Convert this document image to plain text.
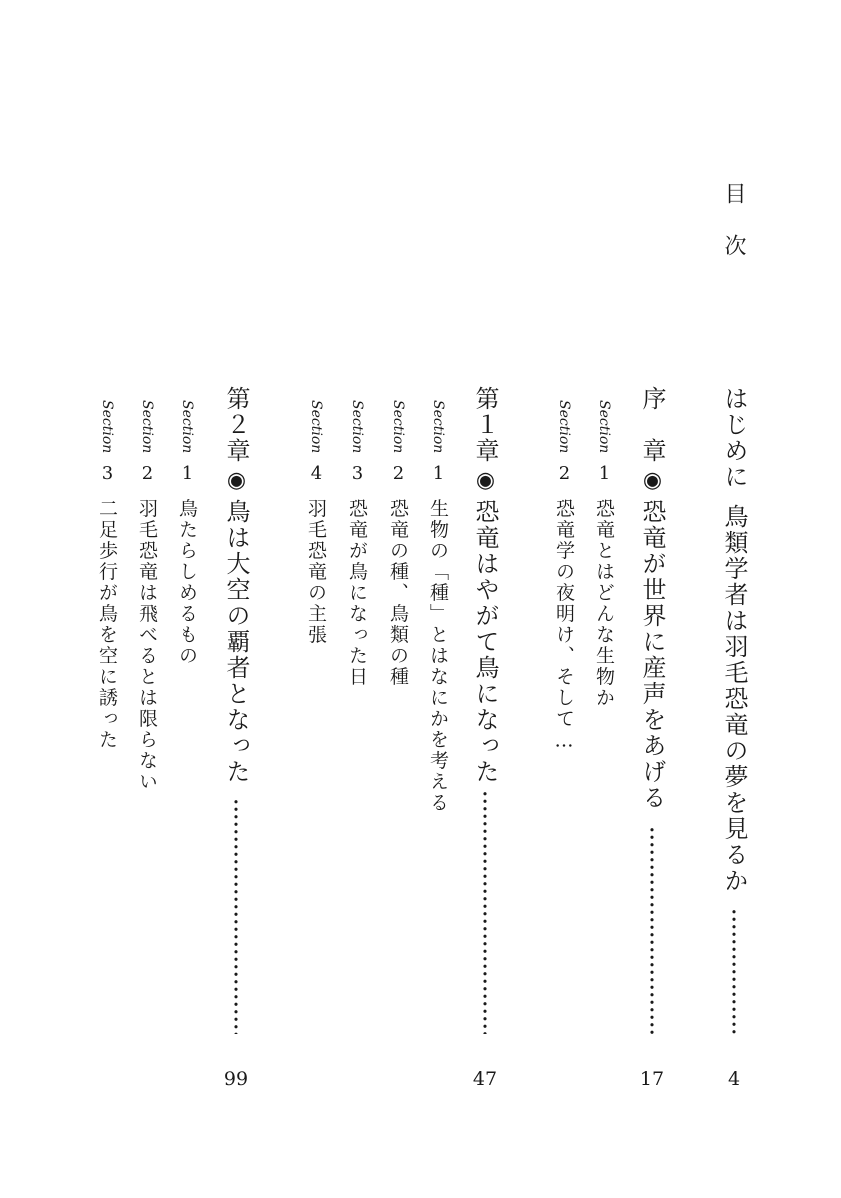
目次
はじめに鳥類学者は羽毛恐竜の夢を見るか
4
序　章◉恐竜が世界に産声をあげる
17
Section1恐竜とはどんな生物か
Section2恐竜学の夜明け、そして…
第１章◉恐竜はやがて鳥になった
47
Section1生物の「種」とはなにかを考える
Section2恐竜の種、鳥類の種
Section3恐竜が鳥になった日
Section4羽毛恐竜の主張
第２章◉鳥は大空の覇者となった
99
Section1鳥たらしめるもの
Section2羽毛恐竜は飛べるとは限らない
Section3二足歩行が鳥を空に誘った
